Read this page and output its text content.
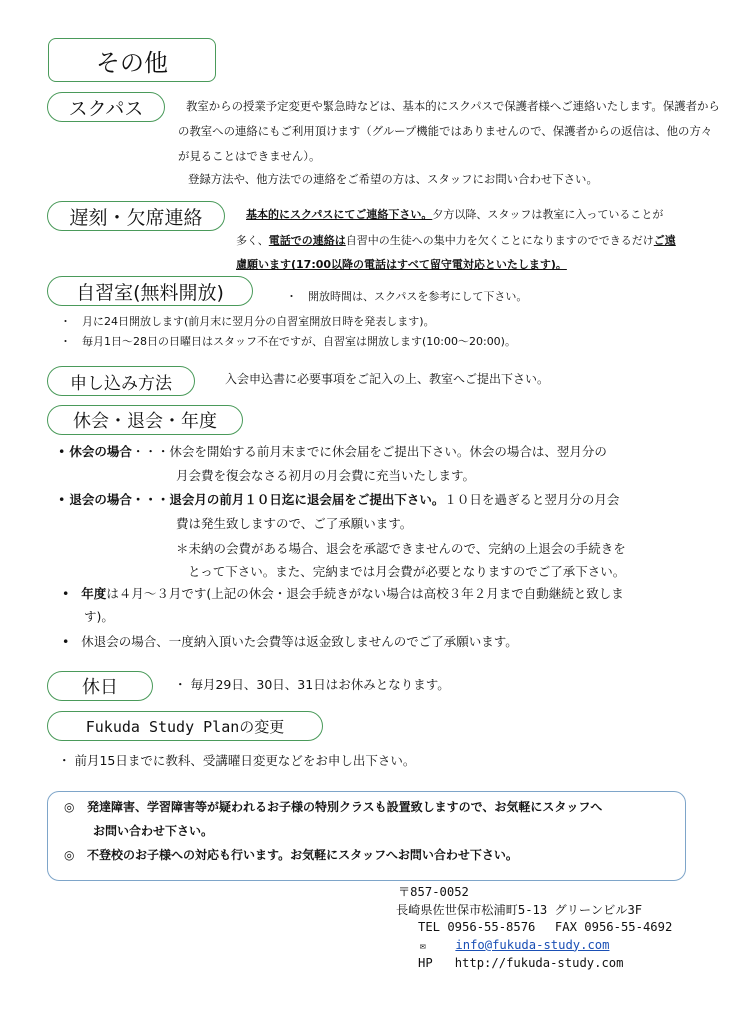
その他
スクパス	教室からの授業予定変更や緊急時などは、基本的にスクパスで保護者様へご連絡いたします。保護者から
の教室への連絡にもご利用頂けます（グループ機能ではありませんので、保護者からの返信は、他の方々
が見ることはできません）。
登録方法や、他方法での連絡をご希望の方は、スタッフにお問い合わせ下さい。
遅刻・欠席連絡	基本的にスクパスにてご連絡下さい。夕方以降、スタッフは教室に入っていることが
多く、電話での連絡は自習中の生徒への集中力を欠くことになりますのでできるだけご遠
慮願います(17:00以降の電話はすべて留守電対応といたします)。
自習室(無料開放)	・　開放時間は、スクパスを参考にして下さい。
・　月に24日開放します(前月末に翌月分の自習室開放日時を発表します)。
・　毎月1日～28日の日曜日はスタッフ不在ですが、自習室は開放します(10:00～20:00)。
申し込み方法	入会申込書に必要事項をご記入の上、教室へご提出下さい。
休会・退会・年度
• 休会の場合・・・休会を開始する前月末までに休会届をご提出下さい。休会の場合は、翌月分の
月会費を復会なさる初月の月会費に充当いたします。
• 退会の場合・・・退会月の前月１０日迄に退会届をご提出下さい。１０日を過ぎると翌月分の月会
費は発生致しますので、ご了承願います。
＊未納の会費がある場合、退会を承認できませんので、完納の上退会の手続きを
とって下さい。また、完納までは月会費が必要となりますのでご了承下さい。
•   年度は４月～３月です(上記の休会・退会手続きがない場合は高校３年２月まで自動継続と致しま
す)。
•   休退会の場合、一度納入頂いた会費等は返金致しませんのでご了承願います。
休日	・ 毎月29日、30日、31日はお休みとなります。
Fukuda Study Planの変更
・ 前月15日までに教科、受講曜日変更などをお申し出下さい。
◎ 発達障害、学習障害等が疑われるお子様の特別クラスも設置致しますので、お気軽にスタッフへ
お問い合わせ下さい。
◎ 不登校のお子様への対応も行います。お気軽にスタッフへお問い合わせ下さい。
〒857-0052
長崎県佐世保市松浦町5-13 グリーンビル3F
TEL 0956-55-8576　 FAX 0956-55-4692
✉ info@fukuda-study.com
HP http://fukuda-study.com
